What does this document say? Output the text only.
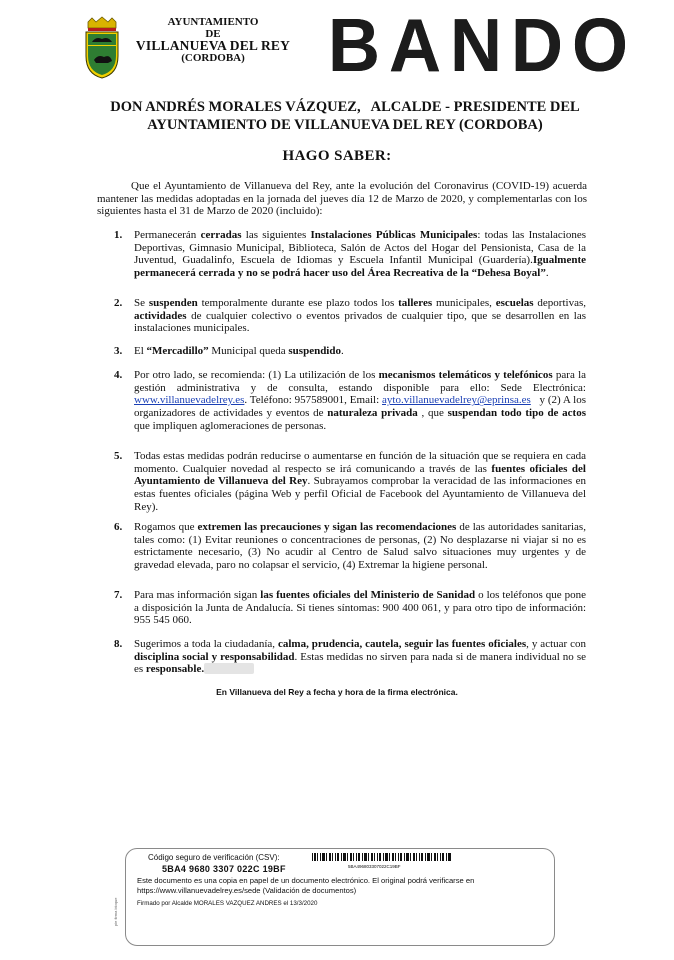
AYUNTAMIENTO
DE
VILLANUEVA DEL REY
(CORDOBA)	BANDO
DON ANDRÉS MORALES VÁZQUEZ,   ALCALDE - PRESIDENTE DEL
AYUNTAMIENTO DE VILLANUEVA DEL REY (CORDOBA)
HAGO SABER:
Que el Ayuntamiento de Villanueva del Rey, ante la evolución del Coronavirus (COVID-19) acuerda mantener las medidas adoptadas en la jornada del jueves día 12 de Marzo de 2020, y complementarlas con los siguientes hasta el 31 de Marzo de 2020 (incluido):
1. Permanecerán cerradas las siguientes Instalaciones Públicas Municipales: todas las Instalaciones Deportivas, Gimnasio Municipal, Biblioteca, Salón de Actos del Hogar del Pensionista, Casa de la Juventud, Guadalinfo, Escuela de Idiomas y Escuela Infantil Municipal (Guardería).Igualmente permanecerá cerrada y no se podrá hacer uso del Área Recreativa de la “Dehesa Boyal”.
2. Se suspenden temporalmente durante ese plazo todos los talleres municipales, escuelas deportivas, actividades de cualquier colectivo o eventos privados de cualquier tipo, que se desarrollen en las instalaciones municipales.
3. El “Mercadillo” Municipal queda suspendido.
4. Por otro lado, se recomienda: (1) La utilización de los mecanismos telemáticos y telefónicos para la gestión administrativa y de consulta, estando disponible para ello: Sede Electrónica: www.villanuevadelrey.es. Teléfono: 957589001, Email: ayto.villanuevadelrey@eprinsa.es   y (2) A los organizadores de actividades y eventos de naturaleza privada , que suspendan todo tipo de actos que impliquen aglomeraciones de personas.
5. Todas estas medidas podrán reducirse o aumentarse en función de la situación que se requiera en cada momento. Cualquier novedad al respecto se irá comunicando a través de las fuentes oficiales del Ayuntamiento de Villanueva del Rey. Subrayamos comprobar la veracidad de las informaciones en estas fuentes oficiales (página Web y perfil Oficial de Facebook del Ayuntamiento de Villanueva del Rey).
6. Rogamos que extremen las precauciones y sigan las recomendaciones de las autoridades sanitarias, tales como: (1) Evitar reuniones o concentraciones de personas, (2) No desplazarse ni viajar si no es estrictamente necesario, (3) No acudir al Centro de Salud salvo situaciones muy urgentes y de gravedad elevada, paro no colapsar el servicio, (4) Extremar la higiene personal.
7. Para mas información sigan las fuentes oficiales del Ministerio de Sanidad o los teléfonos que pone a disposición la Junta de Andalucía. Si tienes síntomas: 900 400 061, y para otro tipo de información: 955 545 060.
8. Sugerimos a toda la ciudadanía, calma, prudencia, cautela, seguir las fuentes oficiales, y actuar con disciplina social y responsabilidad. Estas medidas no sirven para nada si de manera individual no se es responsable.
En Villanueva del Rey a fecha y hora de la firma electrónica.
pie firma bloque
Código seguro de verificación (CSV):
5BA4 9680 3307 022C 19BF	5BA496803307022C19BF
Este documento es una copia en papel de un documento electrónico. El original podrá verificarse en
https://www.villanuevadelrey.es/sede (Validación de documentos)
Firmado por Alcalde MORALES VAZQUEZ ANDRES el 13/3/2020
